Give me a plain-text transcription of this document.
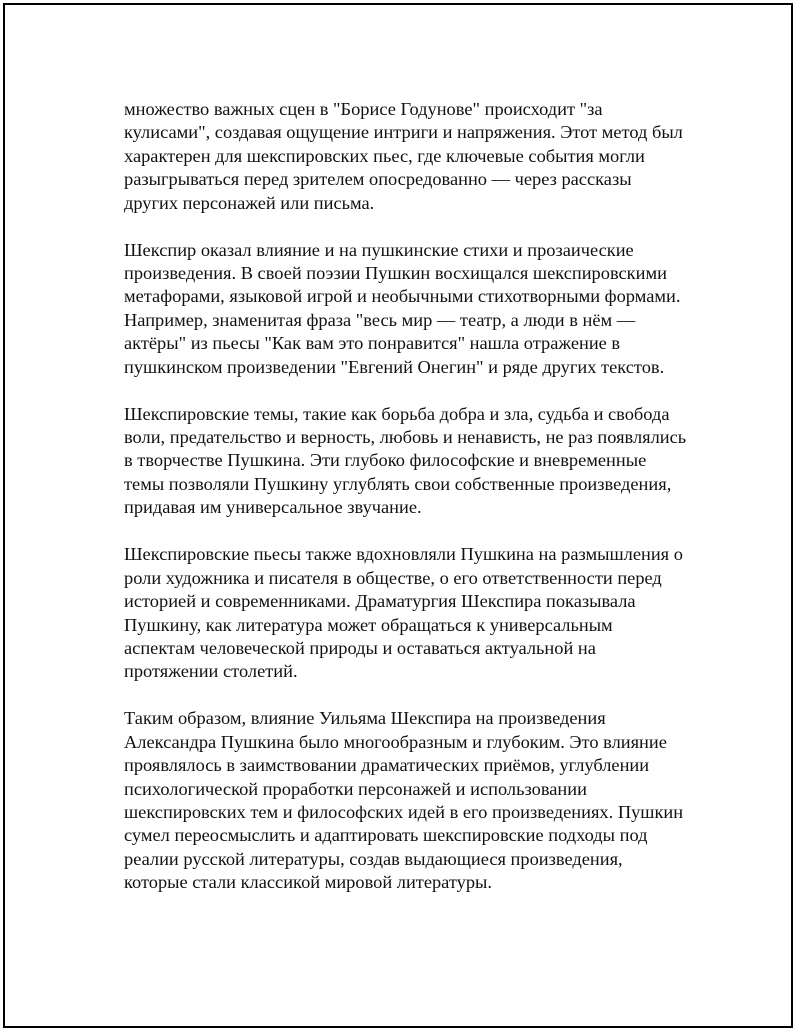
множество важных сцен в "Борисе Годунове" происходит "за
кулисами", создавая ощущение интриги и напряжения. Этот метод был
характерен для шекспировских пьес, где ключевые события могли
разыгрываться перед зрителем опосредованно — через рассказы
других персонажей или письма.

Шекспир оказал влияние и на пушкинские стихи и прозаические
произведения. В своей поэзии Пушкин восхищался шекспировскими
метафорами, языковой игрой и необычными стихотворными формами.
Например, знаменитая фраза "весь мир — театр, а люди в нём —
актёры" из пьесы "Как вам это понравится" нашла отражение в
пушкинском произведении "Евгений Онегин" и ряде других текстов.

Шекспировские темы, такие как борьба добра и зла, судьба и свобода
воли, предательство и верность, любовь и ненависть, не раз появлялись
в творчестве Пушкина. Эти глубоко философские и вневременные
темы позволяли Пушкину углублять свои собственные произведения,
придавая им универсальное звучание.

Шекспировские пьесы также вдохновляли Пушкина на размышления о
роли художника и писателя в обществе, о его ответственности перед
историей и современниками. Драматургия Шекспира показывала
Пушкину, как литература может обращаться к универсальным
аспектам человеческой природы и оставаться актуальной на
протяжении столетий.

Таким образом, влияние Уильяма Шекспира на произведения
Александра Пушкина было многообразным и глубоким. Это влияние
проявлялось в заимствовании драматических приёмов, углублении
психологической проработки персонажей и использовании
шекспировских тем и философских идей в его произведениях. Пушкин
сумел переосмыслить и адаптировать шекспировские подходы под
реалии русской литературы, создав выдающиеся произведения,
которые стали классикой мировой литературы.
